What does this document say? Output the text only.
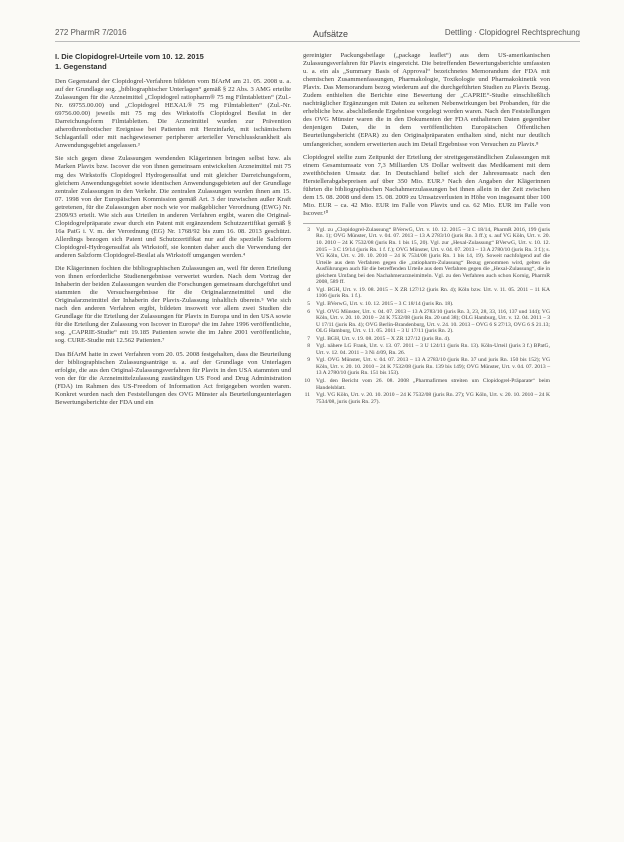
272 PharmR 7/2016	Aufsätze	Dettling · Clopidogrel Rechtsprechung
I. Die Clopidogrel-Urteile vom 10. 12. 2015
1. Gegenstand

Den Gegenstand der Clopidogrel-Verfahren bildeten vom BfArM am 21. 05. 2008 u. a. auf der Grundlage sog. „bibliographischer Unterlagen“ gemäß § 22 Abs. 3 AMG erteilte Zulassungen für die Arzneimittel „Clopidogrel ratiopharm® 75 mg Filmtabletten“ (Zul.-Nr. 69755.00.00) und „Clopidogrel HEXAL® 75 mg Filmtabletten“ (Zul.-Nr. 69756.00.00) jeweils mit 75 mg des Wirkstoffs Clopidogrel Besilat in der Darreichungsform Filmtabletten. Die Arzneimittel wurden zur Prävention atherothrombotischer Ereignisse bei Patienten mit Herzinfarkt, mit ischämischem Schlaganfall oder mit nachgewiesener peripherer arterieller Verschlusskrankheit als Anwendungsgebiet angelassen.³

Sie sich gegen diese Zulassungen wendenden Klägerinnen bringen selbst bzw. als Marken Plavix bzw. Iscover die von ihnen gemeinsam entwickelten Arzneimittel mit 75 mg des Wirkstoffs Clopidogrel Hydrogensulfat und mit gleicher Darreichungsform, gleichem Anwendungsgebiet sowie identischen Anwendungsgebieten auf der Grundlage zentraler Zulassungen in den Verkehr. Die zentralen Zulassungen wurden ihnen am 15. 07. 1998 von der Europäischen Kommission gemäß Art. 3 der inzwischen außer Kraft getretenen, für die Zulassungen aber noch wie vor maßgeblicher Verordnung (EWG) Nr. 2309/93 erteilt. Wie sich aus Urteilen in anderen Verfahren ergibt, waren die Original-Clopidogrelpräparate zwar durch ein Patent mit ergänzendem Schutzzertifikat gemäß § 16a PatG i. V. m. der Verordnung (EG) Nr. 1768/92 bis zum 16. 08. 2013 geschützt. Allerdings bezogen sich Patent und Schutzzertifikat nur auf die spezielle Salzform Clopidogrel-Hydrogensulfat als Wirkstoff, sie konnten daher auch die Verwendung der anderen Salzform Clopidogrel-Besilat als Wirkstoff umgangen werden.⁴

Die Klägerinnen fochten die bibliographischen Zulassungen an, weil für deren Erteilung von ihnen erforderliche Studienergebnisse verwertet wurden. Nach dem Vortrag der Inhaberin der beiden Zulassungen wurden die Forschungen gemeinsam durchgeführt und stammten die Versuchsergebnisse für die Originalarzneimittel und die Originalarzneimittel der Inhaberin der Plavix-Zulassung inhaltlich überein.⁵ Wie sich nach den anderen Verfahren ergibt, bildeten insoweit vor allem zwei Studien die Grundlage für die Erteilung der Zulassungen für Plavix in Europa und in den USA sowie für die Erteilung der Zulassung von Iscover in Europa⁶ die im Jahre 1996 veröffentlichte, sog. „CAPRIE-Studie“ mit 19.185 Patienten sowie die im Jahre 2001 veröffentlichte, sog. CURE-Studie mit 12.562 Patienten.⁷

Das BfArM hatte in zwei Verfahren vom 20. 05. 2008 festgehalten, dass die Beurteilung der bibliographischen Zulassungsanträge u. a. auf der Grundlage von Unterlagen erfolgte, die aus den Original-Zulassungsverfahren für Plavix in den USA stammten und von der für die Arzneimittelzulassung zuständigen US Food and Drug Administration (FDA) im Rahmen des US-Freedom of Information Act freigegeben worden waren. Konkret wurden nach den Feststellungen des OVG Münster als Beurteilungsunterlagen Bewertungsberichte der FDA und ein

gereinigter Packungsbeilage („package leaflet“) aus dem US-amerikanischen Zulassungsverfahren für Plavix eingereicht. Die betreffenden Bewertungsberichte umfassten u. a. ein als „Summary Basis of Approval“ bezeichnetes Memorandum der FDA mit chemischen Zusammenfassungen, Pharmakologie, Toxikologie und Pharmakokinetik von Plavix. Das Memorandum bezog wiederum auf die durchgeführten Studien zu Plavix Bezug. Zudem enthielten die Berichte eine Bewertung der „CAPRIE“-Studie einschließlich nachträglicher Ergänzungen mit Daten zu seltenen Nebenwirkungen bei Probanden, für die erhebliche bzw. abschließende Ergebnisse vorgelegt worden waren. Nach den Feststellungen des OVG Münster waren die in den Dokumenten der FDA enthaltenen Daten gegenüber denjenigen Daten, die in dem veröffentlichten Europäischen Öffentlichen Beurteilungsbericht (EPAR) zu den Originalpräparaten enthalten sind, nicht nur deutlich umfangreicher, sondern erweiterten auch im Detail Ergebnisse von Versuchen zu Plavix.⁸

Clopidogrel stellte zum Zeitpunkt der Erteilung der streitgegenständlichen Zulassungen mit einem Gesamtumsatz von 7,3 Milliarden US Dollar weltweit das Medikament mit dem zweithöchsten Umsatz dar. In Deutschland belief sich der Jahresumsatz nach den Herstellerabgabepreisen auf über 350 Mio. EUR.⁹ Nach den Angaben der Klägerinnen führten die bibliographischen Nachahmerzulassungen bei ihnen allein in der Zeit zwischen dem 15. 08. 2008 und dem 15. 08. 2009 zu Umsatzverlusten in Höhe von insgesamt über 100 Mio. EUR – ca. 42 Mio. EUR im Falle von Plavix und ca. 62 Mio. EUR im Falle von Iscover.¹⁰

3 Vgl. zu „Clopidogrel-Zulassung“ BVerwG, Urt. v. 10. 12. 2015 – 3 C 18/14, PharmR 2016, 199 (juris Rn. 1); OVG Münster, Urt. v. 04. 07. 2013 – 13 A 2783/10 (juris Rn. 3 ff.); s. auf VG Köln, Urt. v. 20. 10. 2010 – 24 K 7532/08 (juris Rn. 1 bis 15, 20). Vgl. zur „Hexal-Zulassung“ BVerwG, Urt. v. 10. 12. 2015 – 3 C 19/14 (juris Rn. 1 f. f.); OVG Münster, Urt. v. 04. 07. 2013 – 13 A 2780/10 (juris Rn. 3 f.); s. VG Köln, Urt. v. 20. 10. 2010 – 24 K 7534/08 (juris Rn. 1 bis 14, 19). Soweit nachfolgend auf die Urteile aus dem Verfahren gegen die „ratiopharm-Zulassung“ Bezug genommen wird, gelten die Ausführungen auch für die betreffenden Urteile aus dem Verfahren gegen die „Hexal-Zulassung“, die in gleichem Umfang bei den Nachahmerarzneimitteln. Vgl. zu den Verfahren auch schon Kornig, PharmR 2008, 589 ff.
4 Vgl. BGH, Urt. v. 19. 08. 2015 – X ZR 127/12 (juris Rn. 4); Köln bzw. Urt. v. 11. 05. 2011 – 11 KA 1106 (juris Rn. 1 f.).
5 Vgl. BVerwG, Urt. v. 10. 12. 2015 – 3 C 18/14 (juris Rn. 18).
6 Vgl. OVG Münster, Urt. v. 04. 07. 2013 – 13 A 2783/10 (juris Rn. 3, 23, 28, 33, 116, 137 und 144); VG Köln, Urt. v. 20. 10. 2010 – 24 K 7532/08 (juris Rn. 20 und 38); OLG Hamburg, Urt. v. 12. 04. 2011 – 3 U 17/11 (juris Rn. 4); OVG Berlin-Brandenburg, Urt. v. 24. 10. 2013 – OVG 6 S 27/13, OVG 6 S 21.13; OLG Hamburg, Urt. v. 11. 05. 2011 – 3 U 17/11 (juris Rn. 2).
7 Vgl. BGH, Urt. v. 19. 08. 2015 – X ZR 127/12 (juris Rn. 4).
8 Vgl. nähere LG Frank, Urt. v. 13. 07. 2011 – 3 U 124/11 (juris Rn. 13). Köln-Urteil (juris 3 f.) BPatG, Urt. v. 12. 04. 2011 – 3 Ni 4/09, Rn. 26.
9 Vgl. OVG Münster, Urt. v. 04. 07. 2013 – 13 A 2783/10 (juris Rn. 37 und juris Rn. 150 bis 152); VG Köln, Urt. v. 20. 10. 2010 – 24 K 7532/08 (juris Rn. 139 bis 149); OVG Münster, Urt. v. 04. 07. 2013 – 13 A 2780/10 (juris Rn. 151 bis 153).
10 Vgl. den Bericht vom 26. 08. 2008 „Pharmafirmen streiten um Clopidogrel-Präparate“ beim Handelsblatt.
11 Vgl. VG Köln, Urt. v. 20. 10. 2010 – 24 K 7532/08 (juris Rn. 27); VG Köln, Urt. v. 20. 10. 2010 – 24 K 7534/08, juris (juris Rn. 27).
